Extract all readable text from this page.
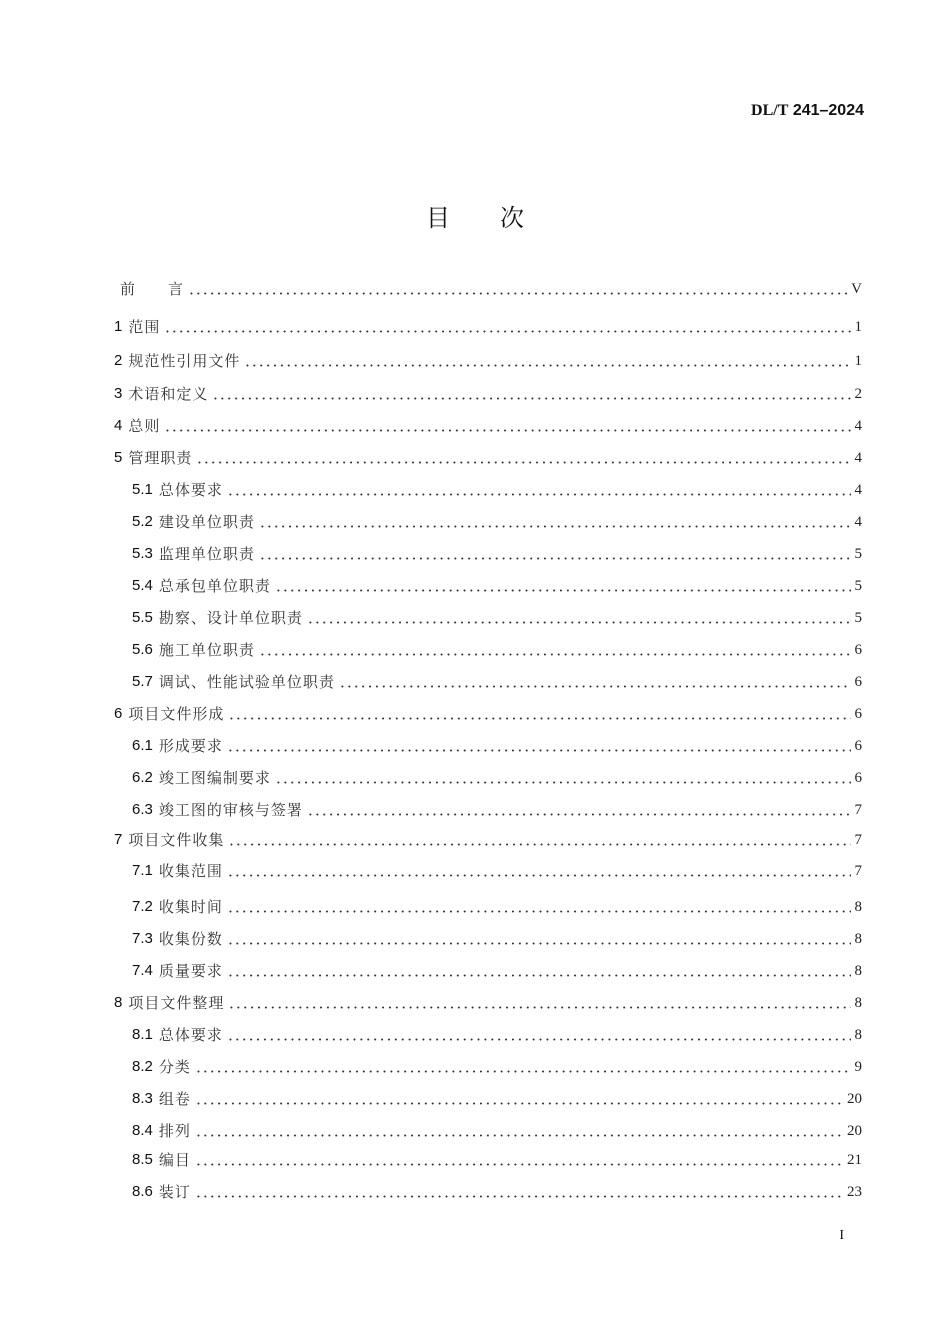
DL/T 241–2024
目 次
前　　言	V
1 范围	1
2 规范性引用文件	1
3 术语和定义	2
4 总则	4
5 管理职责	4
5.1 总体要求	4
5.2 建设单位职责	4
5.3 监理单位职责	5
5.4 总承包单位职责	5
5.5 勘察、设计单位职责	5
5.6 施工单位职责	6
5.7 调试、性能试验单位职责	6
6 项目文件形成	6
6.1 形成要求	6
6.2 竣工图编制要求	6
6.3 竣工图的审核与签署	7
7 项目文件收集	7
7.1 收集范围	7
7.2 收集时间	8
7.3 收集份数	8
7.4 质量要求	8
8 项目文件整理	8
8.1 总体要求	8
8.2 分类	9
8.3 组卷	20
8.4 排列	20
8.5 编目	21
8.6 装订	23
I
